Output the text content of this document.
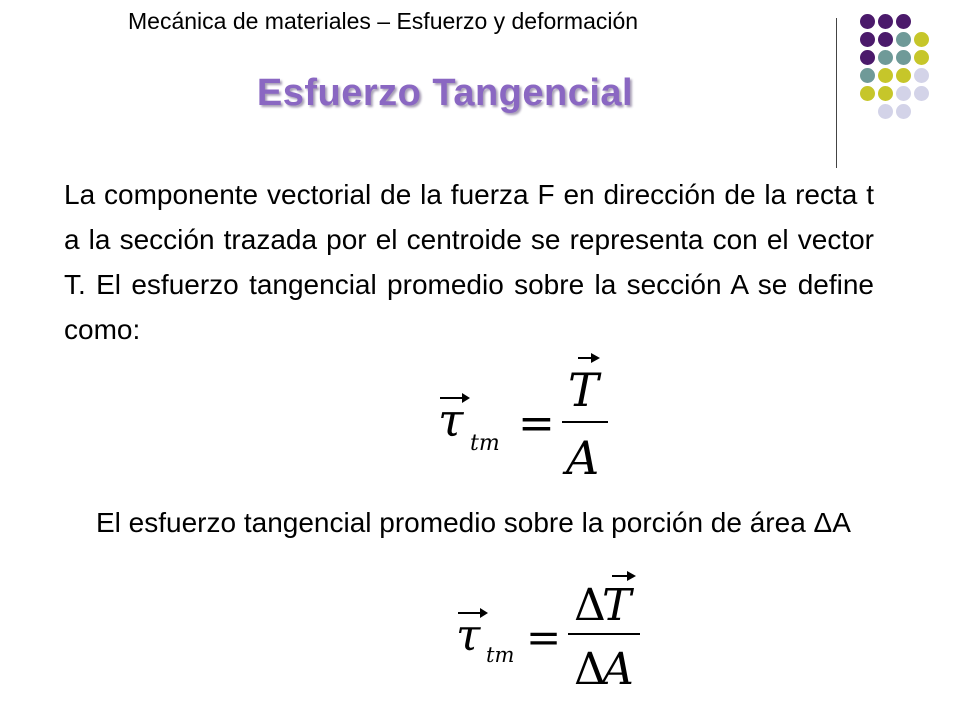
Mecánica de materiales – Esfuerzo y deformación
Esfuerzo Tangencial
La componente vectorial de la fuerza F en dirección de la recta t a la sección trazada por el centroide se representa con el vector T. El esfuerzo tangencial promedio sobre la sección A se define como:
τ tm =
T
A
El esfuerzo tangencial promedio sobre la porción de área ΔA
τ tm =
Δ
T
Δ
A
